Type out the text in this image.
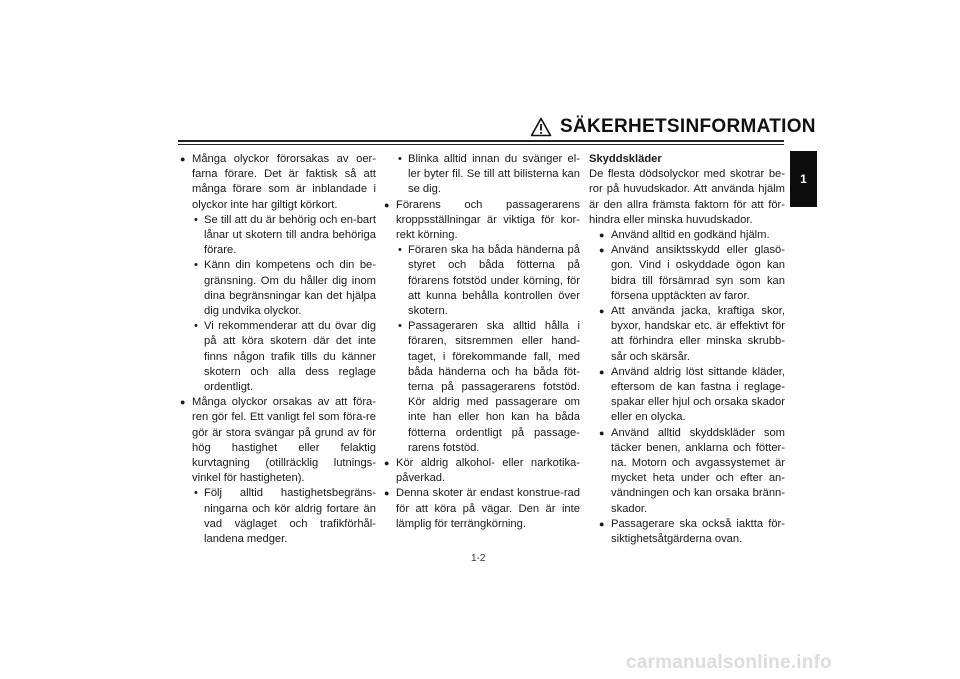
SÄKERHETSINFORMATION
1

● Många olyckor förorsakas av oer-farna förare. Det är faktisk så att många förare som är inblandade i olyckor inte har giltigt körkort.

• Se till att du är behörig och en-bart lånar ut skotern till andra behöriga förare.

• Känn din kompetens och din be-gränsning. Om du håller dig inom dina begränsningar kan det hjälpa dig undvika olyckor.

• Vi rekommenderar att du övar dig på att köra skotern där det inte finns någon trafik tills du känner skotern och alla dess reglage ordentligt.

● Många olyckor orsakas av att föra-ren gör fel. Ett vanligt fel som föra-re gör är stora svängar på grund av för hög hastighet eller felaktig kurvtagning (otillräcklig lutnings-vinkel för hastigheten).

• Följ alltid hastighetsbegräns-ningarna och kör aldrig fortare än vad väglaget och trafikförhål-landena medger.

• Blinka alltid innan du svänger el-ler byter fil. Se till att bilisterna kan se dig.

● Förarens och passagerarens kroppsställningar är viktiga för kor-rekt körning.

• Föraren ska ha båda händerna på styret och båda fötterna på förarens fotstöd under körning, för att kunna behålla kontrollen över skotern.

• Passageraren ska alltid hålla i föraren, sitsremmen eller hand-taget, i förekommande fall, med båda händerna och ha båda föt-terna på passagerarens fotstöd. Kör aldrig med passagerare om inte han eller hon kan ha båda fötterna ordentligt på passage-rarens fotstöd.

● Kör aldrig alkohol- eller narkotika-påverkad.

● Denna skoter är endast konstrue-rad för att köra på vägar. Den är inte lämplig för terrängkörning.

Skyddskläder

De flesta dödsolyckor med skotrar be-ror på huvudskador. Att använda hjälm är den allra främsta faktorn för att för-hindra eller minska huvudskador.

● Använd alltid en godkänd hjälm.

● Använd ansiktsskydd eller glasö-gon. Vind i oskyddade ögon kan bidra till försämrad syn som kan försena upptäckten av faror.

● Att använda jacka, kraftiga skor, byxor, handskar etc. är effektivt för att förhindra eller minska skrubb-sår och skärsår.

● Använd aldrig löst sittande kläder, eftersom de kan fastna i reglage-spakar eller hjul och orsaka skador eller en olycka.

● Använd alltid skyddskläder som täcker benen, anklarna och fötter-na. Motorn och avgassystemet är mycket heta under och efter an-vändningen och kan orsaka bränn-skador.

● Passagerare ska också iaktta för-siktighetsåtgärderna ovan.

1-2
carmanualsonline.info
